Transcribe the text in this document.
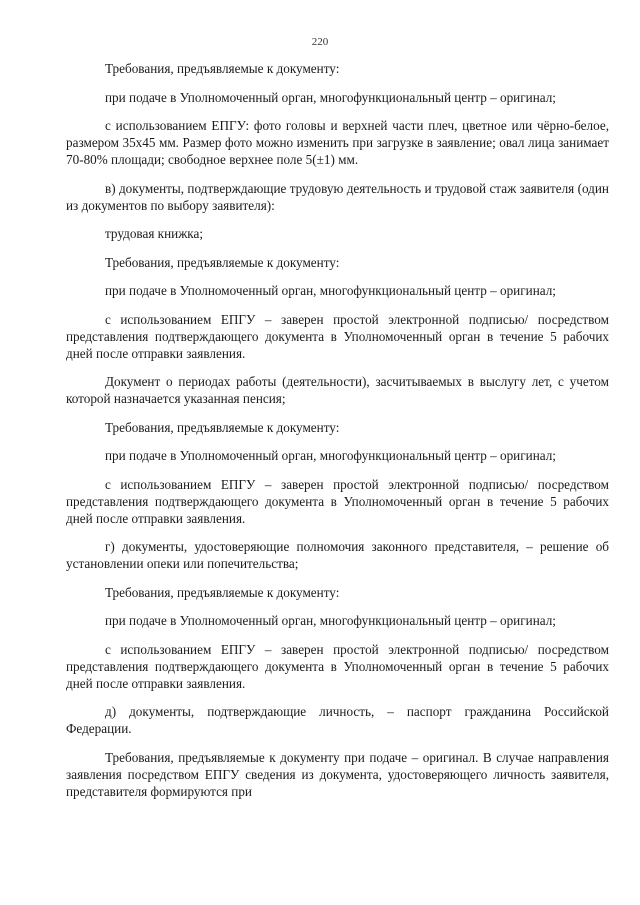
220

Требования, предъявляемые к документу:

при подаче в Уполномоченный орган, многофункциональный центр – оригинал;

с использованием ЕПГУ: фото головы и верхней части плеч, цветное или чёрно-белое, размером 35x45 мм. Размер фото можно изменить при загрузке в заявление; овал лица занимает 70-80% площади; свободное верхнее поле 5(±1) мм.

в) документы, подтверждающие трудовую деятельность и трудовой стаж заявителя (один из документов по выбору заявителя):

трудовая книжка;

Требования, предъявляемые к документу:

при подаче в Уполномоченный орган, многофункциональный центр – оригинал;

с использованием ЕПГУ – заверен простой электронной подписью/ посредством представления подтверждающего документа в Уполномоченный орган в течение 5 рабочих дней после отправки заявления.

Документ о периодах работы (деятельности), засчитываемых в выслугу лет, с учетом которой назначается указанная пенсия;

Требования, предъявляемые к документу:

при подаче в Уполномоченный орган, многофункциональный центр – оригинал;

с использованием ЕПГУ – заверен простой электронной подписью/ посредством представления подтверждающего документа в Уполномоченный орган в течение 5 рабочих дней после отправки заявления.

г) документы, удостоверяющие полномочия законного представителя, – решение об установлении опеки или попечительства;

Требования, предъявляемые к документу:

при подаче в Уполномоченный орган, многофункциональный центр – оригинал;

с использованием ЕПГУ – заверен простой электронной подписью/ посредством представления подтверждающего документа в Уполномоченный орган в течение 5 рабочих дней после отправки заявления.

д) документы, подтверждающие личность, – паспорт гражданина Российской Федерации.

Требования, предъявляемые к документу при подаче – оригинал. В случае направления заявления посредством ЕПГУ сведения из документа, удостоверяющего личность заявителя, представителя формируются при
